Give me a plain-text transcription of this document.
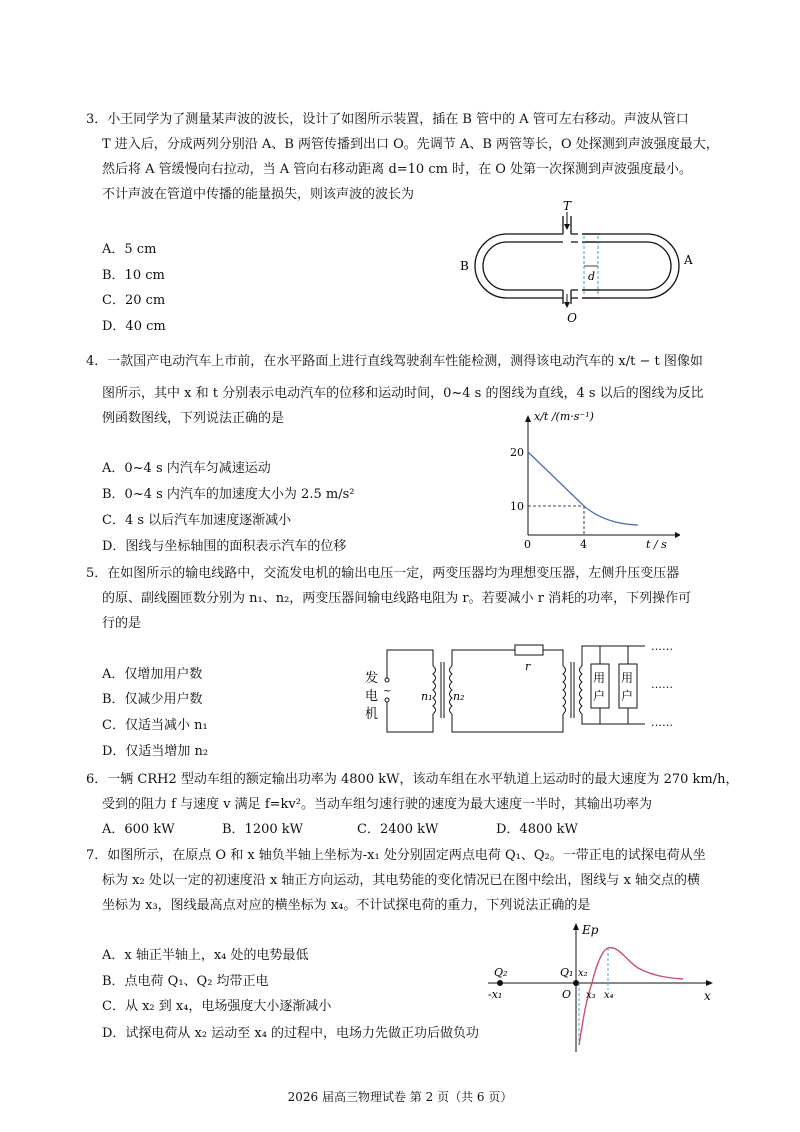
3．小王同学为了测量某声波的波长，设计了如图所示装置，插在 B 管中的 A 管可左右移动。声波从管口
T 进入后，分成两列分别沿 A、B 两管传播到出口 O。先调节 A、B 两管等长，O 处探测到声波强度最大，
然后将 A 管缓慢向右拉动，当 A 管向右移动距离 d=10 cm 时，在 O 处第一次探测到声波强度最小。
不计声波在管道中传播的能量损失，则该声波的波长为
A．5 cm
B．10 cm
C．20 cm
D．40 cm
T
O
B	A
d
4．一款国产电动汽车上市前，在水平路面上进行直线驾驶刹车性能检测，测得该电动汽车的 x/t − t 图像如
图所示，其中 x 和 t 分别表示电动汽车的位移和运动时间，0~4 s 的图线为直线，4 s 以后的图线为反比
例函数图线，下列说法正确的是
A．0~4 s 内汽车匀减速运动
B．0~4 s 内汽车的加速度大小为 2.5 m/s²
C．4 s 以后汽车加速度逐渐减小
D．图线与坐标轴围的面积表示汽车的位移
x/t /(m·s⁻¹)
20
10
0	4	t / s
5．在如图所示的输电线路中，交流发电机的输出电压一定，两变压器均为理想变压器，左侧升压变压器
的原、副线圈匝数分别为 n₁、n₂，两变压器间输电线路电阻为 r。若要减小 r 消耗的功率，下列操作可
行的是
A．仅增加用户数
B．仅减少用户数
C．仅适当减小 n₁
D．仅适当增加 n₂
发
电
机
~	n₁ n₂
r
用
户
用
户
……
……
……
6．一辆 CRH2 型动车组的额定输出功率为 4800 kW，该动车组在水平轨道上运动时的最大速度为 270 km/h，
受到的阻力 f 与速度 v 满足 f=kv²。当动车组匀速行驶的速度为最大速度一半时，其输出功率为
A．600 kW	B．1200 kW	C．2400 kW	D．4800 kW
7．如图所示，在原点 O 和 x 轴负半轴上坐标为-x₁ 处分别固定两点电荷 Q₁、Q₂。一带正电的试探电荷从坐
标为 x₂ 处以一定的初速度沿 x 轴正方向运动，其电势能的变化情况已在图中绘出，图线与 x 轴交点的横
坐标为 x₃，图线最高点对应的横坐标为 x₄。不计试探电荷的重力，下列说法正确的是
A．x 轴正半轴上，x₄ 处的电势最低
B．点电荷 Q₁、Q₂ 均带正电
C．从 x₂ 到 x₄，电场强度大小逐渐减小
D．试探电荷从 x₂ 运动至 x₄ 的过程中，电场力先做正功后做负功
Ep
x
Q₂
-x₁
Q₁
O
x₂
x₃ x₄
2026 届高三物理试卷 第 2 页（共 6 页）
